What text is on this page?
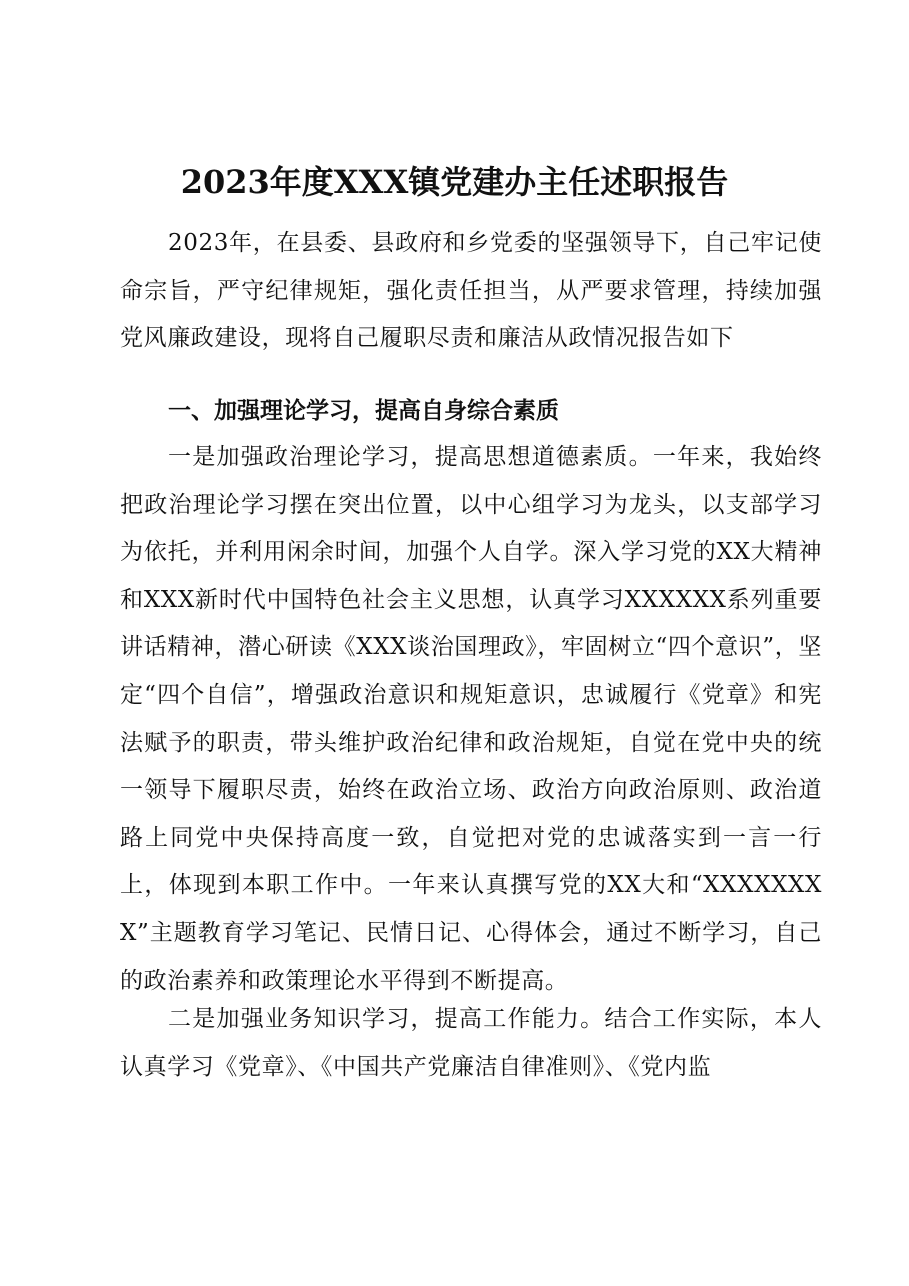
2023年度XXX镇党建办主任述职报告

2023年，在县委、县政府和乡党委的坚强领导下，自己牢记使命宗旨，严守纪律规矩，强化责任担当，从严要求管理，持续加强党风廉政建设，现将自己履职尽责和廉洁从政情况报告如下

一、加强理论学习，提高自身综合素质

一是加强政治理论学习，提高思想道德素质。一年来，我始终把政治理论学习摆在突出位置，以中心组学习为龙头，以支部学习为依托，并利用闲余时间，加强个人自学。深入学习党的XX大精神和XXX新时代中国特色社会主义思想，认真学习XXXXXX系列重要讲话精神，潜心研读《XXX谈治国理政》，牢固树立“四个意识”，坚定“四个自信”，增强政治意识和规矩意识，忠诚履行《党章》和宪法赋予的职责，带头维护政治纪律和政治规矩，自觉在党中央的统一领导下履职尽责，始终在政治立场、政治方向政治原则、政治道路上同党中央保持高度一致，自觉把对党的忠诚落实到一言一行上，体现到本职工作中。一年来认真撰写党的XX大和“XXXXXXXX”主题教育学习笔记、民情日记、心得体会，通过不断学习，自己的政治素养和政策理论水平得到不断提高。

二是加强业务知识学习，提高工作能力。结合工作实际，本人认真学习《党章》、《中国共产党廉洁自律准则》、《党内监
